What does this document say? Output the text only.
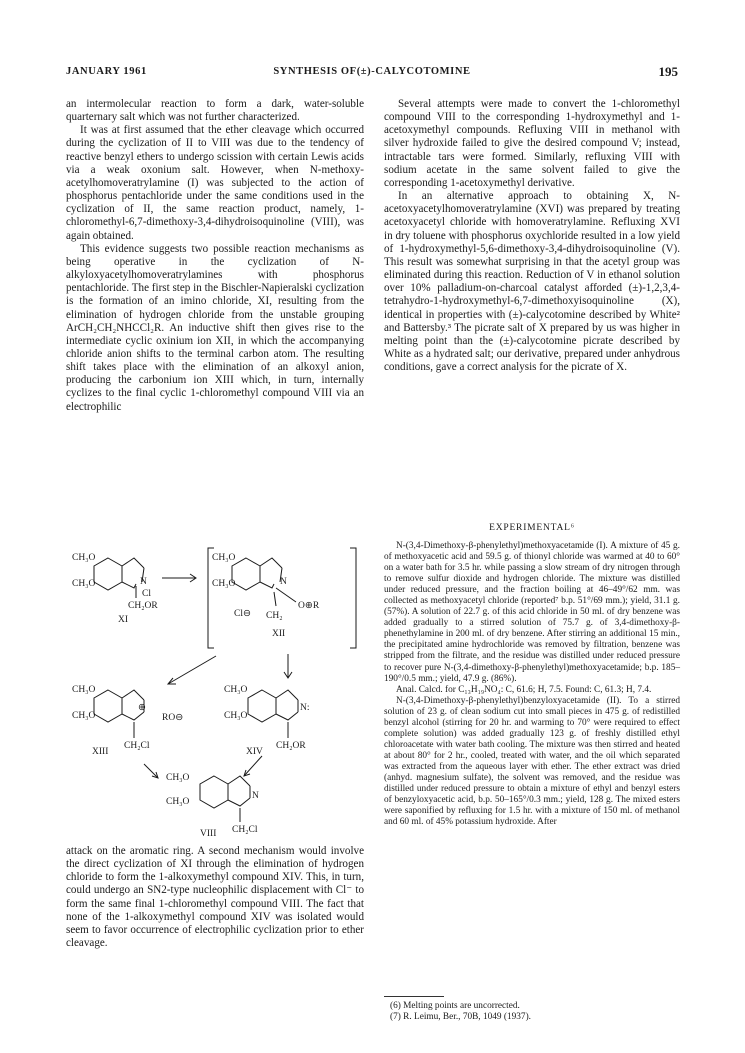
JANUARY 1961	SYNTHESIS OF(±)-CALYCOTOMINE	195

an intermolecular reaction to form a dark, water-soluble quarternary salt which was not further characterized.

It was at first assumed that the ether cleavage which occurred during the cyclization of II to VIII was due to the tendency of reactive benzyl ethers to undergo scission with certain Lewis acids via a weak oxonium salt. However, when N-methoxy-acetylhomoveratrylamine (I) was subjected to the action of phosphorus pentachloride under the same conditions used in the cyclization of II, the same reaction product, namely, 1-chloromethyl-6,7-dimethoxy-3,4-dihydroisoquinoline (VIII), was again obtained.

This evidence suggests two possible reaction mechanisms as being operative in the cyclization of N-alkyloxyacetylhomoveratrylamines with phosphorus pentachloride. The first step in the Bischler-Napieralski cyclization is the formation of an imino chloride, XI, resulting from the elimination of hydrogen chloride from the unstable grouping ArCH₂CH₂NHCCl₂R. An inductive shift then gives rise to the intermediate cyclic oxinium ion XII, in which the accompanying chloride anion shifts to the terminal carbon atom. The resulting shift takes place with the elimination of an alkoxyl anion, producing the carbonium ion XIII which, in turn, internally cyclizes to the final cyclic 1-chloromethyl compound VIII via an electrophilic

CH₃O
CH₃O	N
Cl
CH₂OR
XI
CH₃O
CH₃O	N
O⊕R
Cl⊖ CH₂
XII
CH₃O
CH₃O
⊕
RO⊖
CH₂Cl
XIII
CH₃O
CH₃O
N:
CH₂OR
XIV
CH₃O
CH₃O
N
CH₂Cl
VIII

attack on the aromatic ring. A second mechanism would involve the direct cyclization of XI through the elimination of hydrogen chloride to form the 1-alkoxymethyl compound XIV. This, in turn, could undergo an SN2-type nucleophilic displacement with Cl⁻ to form the same final 1-chloromethyl compound VIII. The fact that none of the 1-alkoxymethyl compound XIV was isolated would seem to favor occurrence of electrophilic cyclization prior to ether cleavage.

Several attempts were made to convert the 1-chloromethyl compound VIII to the corresponding 1-hydroxymethyl and 1-acetoxymethyl compounds. Refluxing VIII in methanol with silver hydroxide failed to give the desired compound V; instead, intractable tars were formed. Similarly, refluxing VIII with sodium acetate in the same solvent failed to give the corresponding 1-acetoxymethyl derivative.

In an alternative approach to obtaining X, N-acetoxyacetylhomoveratrylamine (XVI) was prepared by treating acetoxyacetyl chloride with homoveratrylamine. Refluxing XVI in dry toluene with phosphorus oxychloride resulted in a low yield of 1-hydroxymethyl-5,6-dimethoxy-3,4-dihydroisoquinoline (V). This result was somewhat surprising in that the acetyl group was eliminated during this reaction. Reduction of V in ethanol solution over 10% palladium-on-charcoal catalyst afforded (±)-1,2,3,4-tetrahydro-1-hydroxymethyl-6,7-dimethoxyisoquinoline (X), identical in properties with (±)-calycotomine described by White² and Battersby.³ The picrate salt of X prepared by us was higher in melting point than the (±)-calycotomine picrate described by White as a hydrated salt; our derivative, prepared under anhydrous conditions, gave a correct analysis for the picrate of X.

EXPERIMENTAL⁶

N-(3,4-Dimethoxy-β-phenylethyl)methoxyacetamide (I). A mixture of 45 g. of methoxyacetic acid and 59.5 g. of thionyl chloride was warmed at 40 to 60° on a water bath for 3.5 hr. while passing a slow stream of dry nitrogen through to remove sulfur dioxide and hydrogen chloride. The mixture was distilled under reduced pressure, and the fraction boiling at 46–49°/62 mm. was collected as methoxyacetyl chloride (reported⁷ b.p. 51°/69 mm.); yield, 31.1 g. (57%). A solution of 22.7 g. of this acid chloride in 50 ml. of dry benzene was added gradually to a stirred solution of 75.7 g. of 3,4-dimethoxy-β-phenethylamine in 200 ml. of dry benzene. After stirring an additional 15 min., the precipitated amine hydrochloride was removed by filtration, benzene was stripped from the filtrate, and the residue was distilled under reduced pressure to recover pure N-(3,4-dimethoxy-β-phenylethyl)methoxyacetamide; b.p. 185–190°/0.5 mm.; yield, 47.9 g. (86%).

Anal. Calcd. for C₁₃H₁₉NO₄: C, 61.6; H, 7.5. Found: C, 61.3; H, 7.4.

N-(3,4-Dimethoxy-β-phenylethyl)benzyloxyacetamide (II). To a stirred solution of 23 g. of clean sodium cut into small pieces in 475 g. of redistilled benzyl alcohol (stirring for 20 hr. and warming to 70° were required to effect complete solution) was added gradually 123 g. of freshly distilled ethyl chloroacetate with water bath cooling. The mixture was then stirred and heated at about 80° for 2 hr., cooled, treated with water, and the oil which separated was extracted from the aqueous layer with ether. The ether extract was dried (anhyd. magnesium sulfate), the solvent was removed, and the residue was distilled under reduced pressure to obtain a mixture of ethyl and benzyl esters of benzyloxyacetic acid, b.p. 50–165°/0.3 mm.; yield, 128 g. The mixed esters were saponified by refluxing for 1.5 hr. with a mixture of 150 ml. of methanol and 60 ml. of 45% potassium hydroxide. After

(6) Melting points are uncorrected.

(7) R. Leimu, Ber., 70B, 1049 (1937).
